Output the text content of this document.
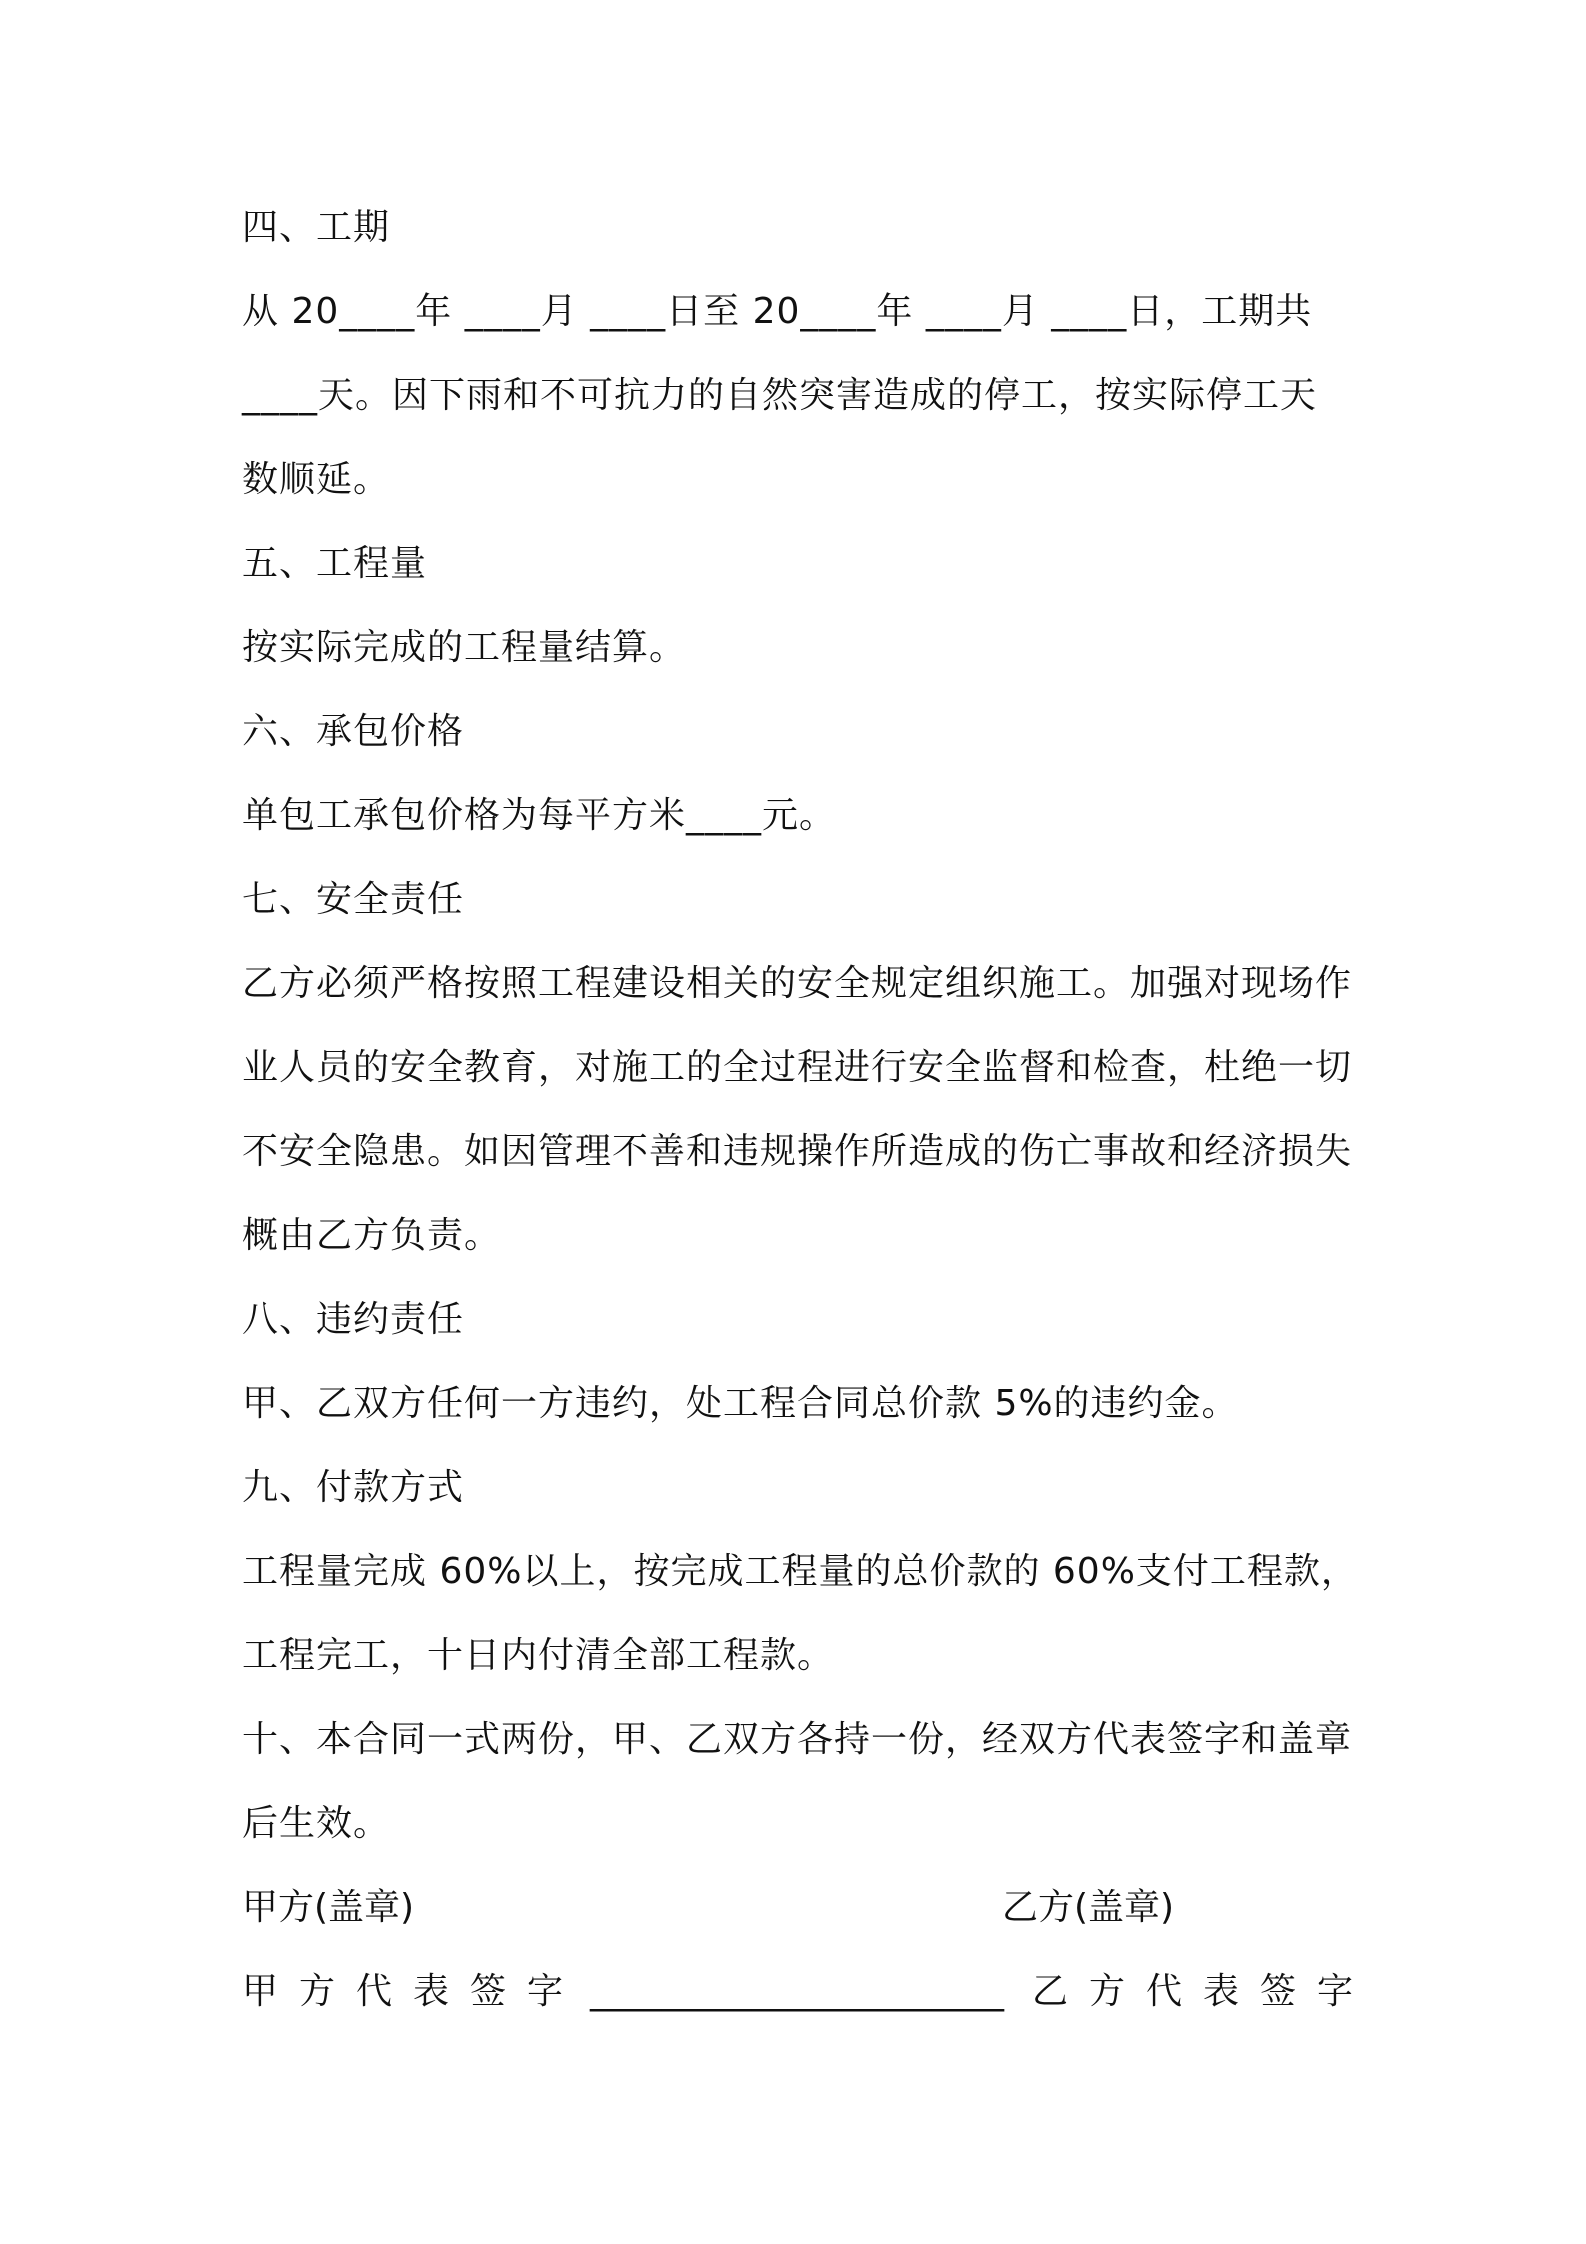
四、工期
从 20____年 ____月 ____日至 20____年 ____月 ____日，工期共
____天。因下雨和不可抗力的自然突害造成的停工，按实际停工天
数顺延。
五、工程量
按实际完成的工程量结算。
六、承包价格
单包工承包价格为每平方米____元。
七、安全责任
乙方必须严格按照工程建设相关的安全规定组织施工。加强对现场作
业人员的安全教育，对施工的全过程进行安全监督和检查，杜绝一切
不安全隐患。如因管理不善和违规操作所造成的伤亡事故和经济损失
概由乙方负责。
八、违约责任
甲、乙双方任何一方违约，处工程合同总价款 5%的违约金。
九、付款方式
工程量完成 60%以上，按完成工程量的总价款的 60%支付工程款，
工程完工，十日内付清全部工程款。
十、本合同一式两份，甲、乙双方各持一份，经双方代表签字和盖章
后生效。
甲方(盖章)	乙方(盖章)
甲方代表签字 _______________________ 乙方代表签字
